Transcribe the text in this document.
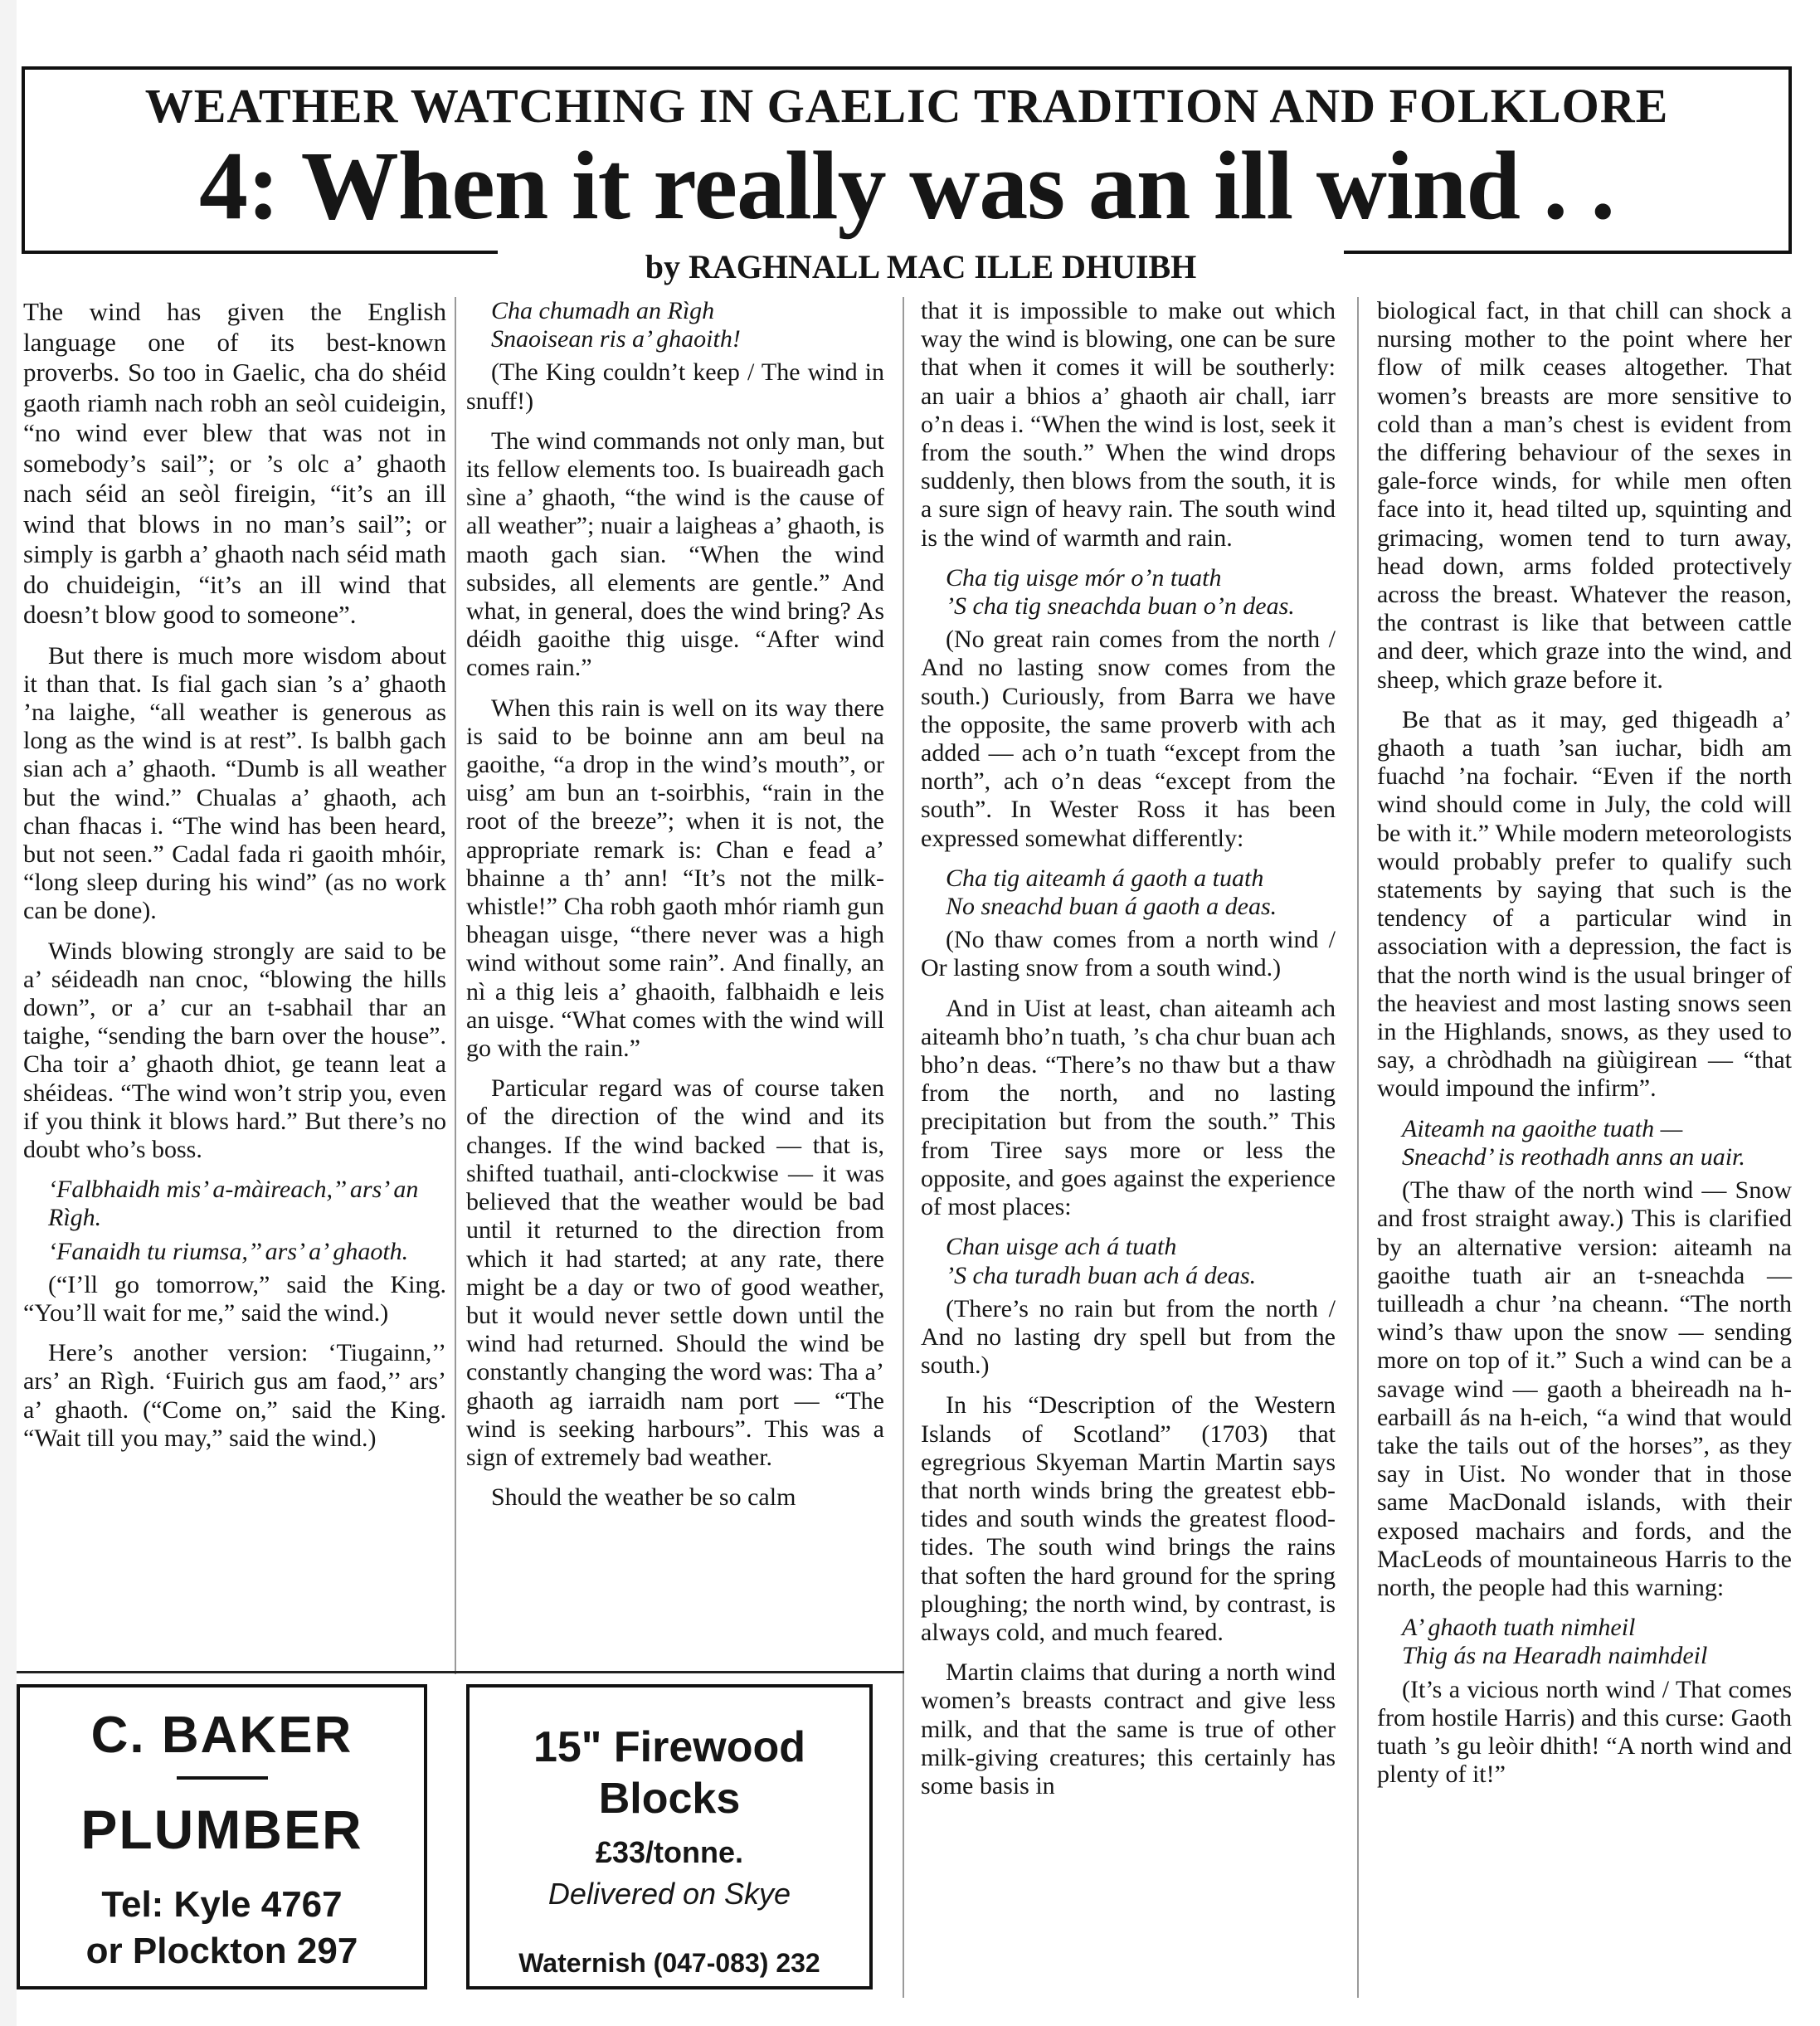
WEATHER WATCHING IN GAELIC TRADITION AND FOLKLORE
4: When it really was an ill wind . .
by RAGHNALL MAC ILLE DHUIBH

The wind has given the English language one of its best-known proverbs. So too in Gaelic, cha do shéid gaoth riamh nach robh an seòl cuideigin, “no wind ever blew that was not in somebody’s sail”; or ’s olc a’ ghaoth nach séid an seòl fireigin, “it’s an ill wind that blows in no man’s sail”; or simply is garbh a’ ghaoth nach séid math do chuideigin, “it’s an ill wind that doesn’t blow good to someone”.

But there is much more wisdom about it than that. Is fial gach sian ’s a’ ghaoth ’na laighe, “all weather is generous as long as the wind is at rest”. Is balbh gach sian ach a’ ghaoth. “Dumb is all weather but the wind.” Chualas a’ ghaoth, ach chan fhacas i. “The wind has been heard, but not seen.” Cadal fada ri gaoith mhóir, “long sleep during his wind” (as no work can be done).

Winds blowing strongly are said to be a’ séideadh nan cnoc, “blowing the hills down”, or a’ cur an t-sabhail thar an taighe, “sending the barn over the house”. Cha toir a’ ghaoth dhiot, ge teann leat a shéideas. “The wind won’t strip you, even if you think it blows hard.” But there’s no doubt who’s boss.

‘Falbhaidh mis’ a-màireach,’’ ars’ an Rìgh.

‘Fanaidh tu riumsa,’’ ars’ a’ ghaoth.

(“I’ll go tomorrow,” said the King. “You’ll wait for me,” said the wind.)

Here’s another version: ‘Tiugainn,’’ ars’ an Rìgh. ‘Fuirich gus am faod,’’ ars’ a’ ghaoth. (“Come on,” said the King. “Wait till you may,” said the wind.)

Cha chumadh an Rìgh

Snaoisean ris a’ ghaoith!

(The King couldn’t keep / The wind in snuff!)

The wind commands not only man, but its fellow elements too. Is buaireadh gach sìne a’ ghaoth, “the wind is the cause of all weather”; nuair a laigheas a’ ghaoth, is maoth gach sian. “When the wind subsides, all elements are gentle.” And what, in general, does the wind bring? As déidh gaoithe thig uisge. “After wind comes rain.”

When this rain is well on its way there is said to be boinne ann am beul na gaoithe, “a drop in the wind’s mouth”, or uisg’ am bun an t-soirbhis, “rain in the root of the breeze”; when it is not, the appropriate remark is: Chan e fead a’ bhainne a th’ ann! “It’s not the milk-whistle!” Cha robh gaoth mhór riamh gun bheagan uisge, “there never was a high wind without some rain”. And finally, an nì a thig leis a’ ghaoith, falbhaidh e leis an uisge. “What comes with the wind will go with the rain.”

Particular regard was of course taken of the direction of the wind and its changes. If the wind backed — that is, shifted tuathail, anti-clockwise — it was believed that the weather would be bad until it returned to the direction from which it had started; at any rate, there might be a day or two of good weather, but it would never settle down until the wind had returned. Should the wind be constantly changing the word was: Tha a’ ghaoth ag iarraidh nam port — “The wind is seeking harbours”. This was a sign of extremely bad weather.

Should the weather be so calm

that it is impossible to make out which way the wind is blowing, one can be sure that when it comes it will be southerly: an uair a bhios a’ ghaoth air chall, iarr o’n deas i. “When the wind is lost, seek it from the south.” When the wind drops suddenly, then blows from the south, it is a sure sign of heavy rain. The south wind is the wind of warmth and rain.

Cha tig uisge mór o’n tuath

’S cha tig sneachda buan o’n deas.

(No great rain comes from the north / And no lasting snow comes from the south.) Curiously, from Barra we have the opposite, the same proverb with ach added — ach o’n tuath “except from the north”, ach o’n deas “except from the south”. In Wester Ross it has been expressed somewhat differently:

Cha tig aiteamh á gaoth a tuath

No sneachd buan á gaoth a deas.

(No thaw comes from a north wind / Or lasting snow from a south wind.)

And in Uist at least, chan aiteamh ach aiteamh bho’n tuath, ’s cha chur buan ach bho’n deas. “There’s no thaw but a thaw from the north, and no lasting precipitation but from the south.” This from Tiree says more or less the opposite, and goes against the experience of most places:

Chan uisge ach á tuath

’S cha turadh buan ach á deas.

(There’s no rain but from the north / And no lasting dry spell but from the south.)

In his “Description of the Western Islands of Scotland” (1703) that egregrious Skyeman Martin Martin says that north winds bring the greatest ebb-tides and south winds the greatest flood-tides. The south wind brings the rains that soften the hard ground for the spring ploughing; the north wind, by contrast, is always cold, and much feared.

Martin claims that during a north wind women’s breasts contract and give less milk, and that the same is true of other milk-giving creatures; this certainly has some basis in

biological fact, in that chill can shock a nursing mother to the point where her flow of milk ceases altogether. That women’s breasts are more sensitive to cold than a man’s chest is evident from the differing behaviour of the sexes in gale-force winds, for while men often face into it, head tilted up, squinting and grimacing, women tend to turn away, head down, arms folded protectively across the breast. Whatever the reason, the contrast is like that between cattle and deer, which graze into the wind, and sheep, which graze before it.

Be that as it may, ged thigeadh a’ ghaoth a tuath ’san iuchar, bidh am fuachd ’na fochair. “Even if the north wind should come in July, the cold will be with it.” While modern meteorologists would probably prefer to qualify such statements by saying that such is the tendency of a particular wind in association with a depression, the fact is that the north wind is the usual bringer of the heaviest and most lasting snows seen in the Highlands, snows, as they used to say, a chròdhadh na giùigirean — “that would impound the infirm”.

Aiteamh na gaoithe tuath —

Sneachd’ is reothadh anns an uair.

(The thaw of the north wind — Snow and frost straight away.) This is clarified by an alternative version: aiteamh na gaoithe tuath air an t-sneachda — tuilleadh a chur ’na cheann. “The north wind’s thaw upon the snow — sending more on top of it.” Such a wind can be a savage wind — gaoth a bheireadh na h-earbaill ás na h-eich, “a wind that would take the tails out of the horses”, as they say in Uist. No wonder that in those same MacDonald islands, with their exposed machairs and fords, and the MacLeods of mountaineous Harris to the north, the people had this warning:

A’ ghaoth tuath nimheil

Thig ás na Hearadh naimhdeil

(It’s a vicious north wind / That comes from hostile Harris) and this curse: Gaoth tuath ’s gu leòir dhith! “A north wind and plenty of it!”

C. BAKER
PLUMBER
Tel: Kyle 4767
or Plockton 297
15" Firewood
Blocks
£33/tonne.
Delivered on Skye
Waternish (047-083) 232
